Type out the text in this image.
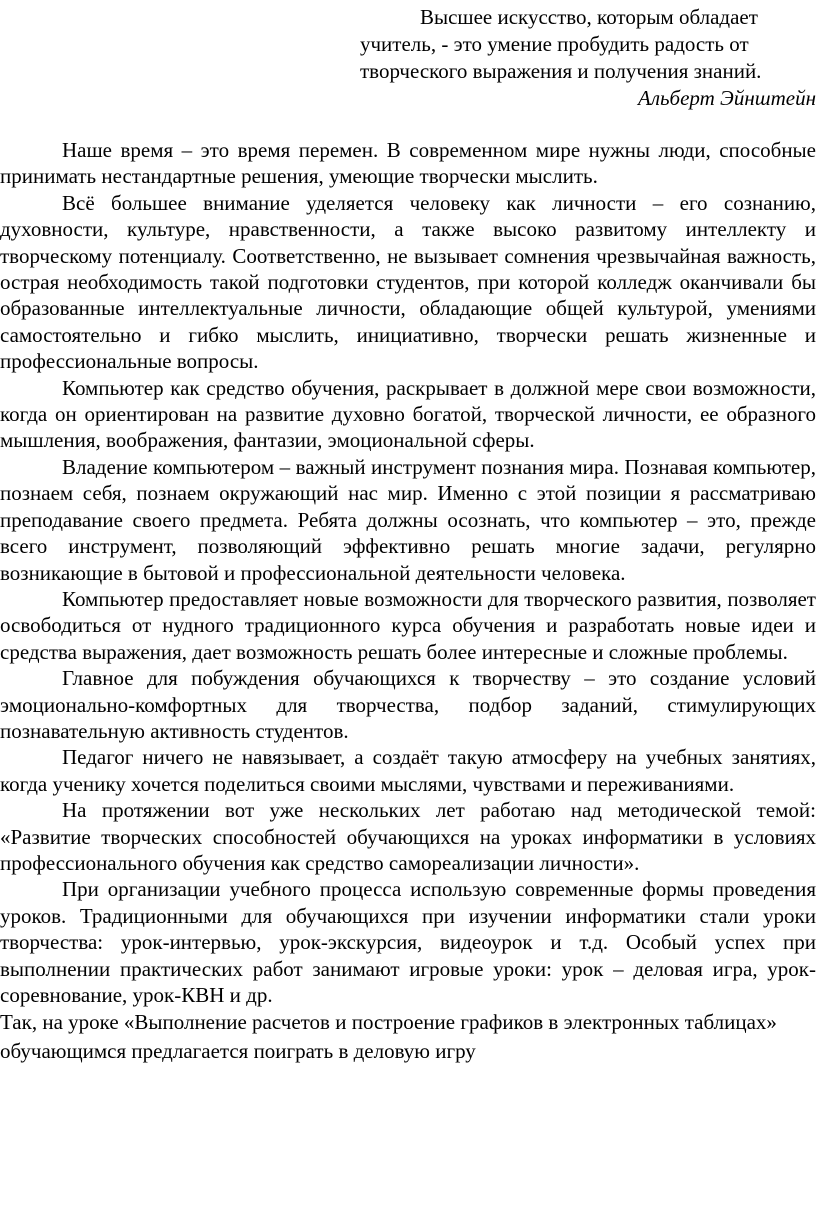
Высшее искусство, которым обладает
учитель, - это умение пробудить радость от
творческого выражения и получения знаний.
Альберт Эйнштейн

Наше время – это время перемен. В современном мире нужны люди, способные принимать нестандартные решения, умеющие творчески мыслить.

Всё большее внимание уделяется человеку как личности – его сознанию, духовности, культуре, нравственности, а также высоко развитому интеллекту и творческому потенциалу. Соответственно, не вызывает сомнения чрезвычайная важность, острая необходимость такой подготовки студентов, при которой колледж оканчивали бы образованные интеллектуальные личности, обладающие общей культурой, умениями самостоятельно и гибко мыслить, инициативно, творчески решать жизненные и профессиональные вопросы.

Компьютер как средство обучения, раскрывает в должной мере свои возможности, когда он ориентирован на развитие духовно богатой, творческой личности, ее образного мышления, воображения, фантазии, эмоциональной сферы.

Владение компьютером – важный инструмент познания мира. Познавая компьютер, познаем себя, познаем окружающий нас мир. Именно с этой позиции я рассматриваю преподавание своего предмета. Ребята должны осознать, что компьютер – это, прежде всего инструмент, позволяющий эффективно решать многие задачи, регулярно возникающие в бытовой и профессиональной деятельности человека.

Компьютер предоставляет новые возможности для творческого развития, позволяет освободиться от нудного традиционного курса обучения и разработать новые идеи и средства выражения, дает возможность решать более интересные и сложные проблемы.

Главное для побуждения обучающихся к творчеству – это создание условий эмоционально-комфортных для творчества, подбор заданий, стимулирующих познавательную активность студентов.

Педагог ничего не навязывает, а создаёт такую атмосферу на учебных занятиях, когда ученику хочется поделиться своими мыслями, чувствами и переживаниями.

На протяжении вот уже нескольких лет работаю над методической темой: «Развитие творческих способностей обучающихся на уроках информатики в условиях профессионального обучения как средство самореализации личности».

При организации учебного процесса использую современные формы проведения уроков. Традиционными для обучающихся при изучении информатики стали уроки творчества: урок-интервью, урок-экскурсия, видеоурок и т.д. Особый успех при выполнении практических работ занимают игровые уроки: урок – деловая игра, урок-соревнование, урок-КВН и др.

Так, на уроке «Выполнение расчетов и построение графиков в электронных таблицах» обучающимся предлагается поиграть в деловую игру
